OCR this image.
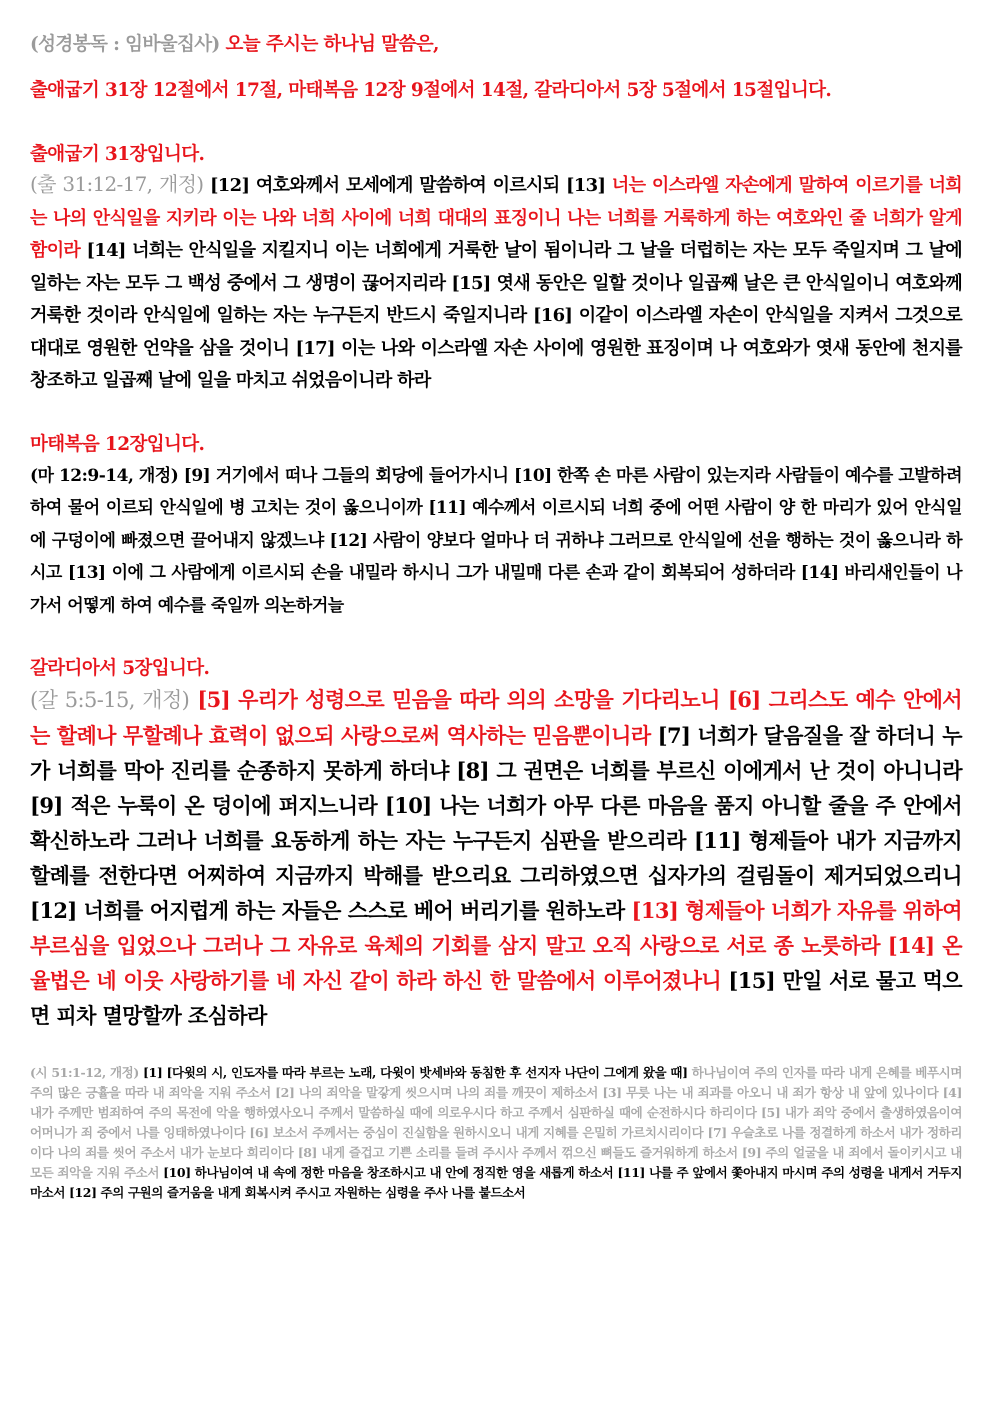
(성경봉독 : 임바울집사) 오늘 주시는 하나님 말씀은,
출애굽기 31장 12절에서 17절, 마태복음 12장 9절에서 14절, 갈라디아서 5장 5절에서 15절입니다.
출애굽기 31장입니다.
(출 31:12-17, 개정) [12] 여호와께서 모세에게 말씀하여 이르시되 [13] 너는 이스라엘 자손에게 말하여 이르기를 너희는 나의 안식일을 지키라 이는 나와 너희 사이에 너희 대대의 표징이니 나는 너희를 거룩하게 하는 여호와인 줄 너희가 알게 함이라 [14] 너희는 안식일을 지킬지니 이는 너희에게 거룩한 날이 됨이니라 그 날을 더럽히는 자는 모두 죽일지며 그 날에 일하는 자는 모두 그 백성 중에서 그 생명이 끊어지리라 [15] 엿새 동안은 일할 것이나 일곱째 날은 큰 안식일이니 여호와께 거룩한 것이라 안식일에 일하는 자는 누구든지 반드시 죽일지니라 [16] 이같이 이스라엘 자손이 안식일을 지켜서 그것으로 대대로 영원한 언약을 삼을 것이니 [17] 이는 나와 이스라엘 자손 사이에 영원한 표징이며 나 여호와가 엿새 동안에 천지를 창조하고 일곱째 날에 일을 마치고 쉬었음이니라 하라
마태복음 12장입니다.
(마 12:9-14, 개정) [9] 거기에서 떠나 그들의 회당에 들어가시니 [10] 한쪽 손 마른 사람이 있는지라 사람들이 예수를 고발하려 하여 물어 이르되 안식일에 병 고치는 것이 옳으니이까 [11] 예수께서 이르시되 너희 중에 어떤 사람이 양 한 마리가 있어 안식일에 구덩이에 빠졌으면 끌어내지 않겠느냐 [12] 사람이 양보다 얼마나 더 귀하냐 그러므로 안식일에 선을 행하는 것이 옳으니라 하시고 [13] 이에 그 사람에게 이르시되 손을 내밀라 하시니 그가 내밀매 다른 손과 같이 회복되어 성하더라 [14] 바리새인들이 나가서 어떻게 하여 예수를 죽일까 의논하거늘
갈라디아서 5장입니다.
(갈 5:5-15, 개정) [5] 우리가 성령으로 믿음을 따라 의의 소망을 기다리노니 [6] 그리스도 예수 안에서는 할례나 무할례나 효력이 없으되 사랑으로써 역사하는 믿음뿐이니라 [7] 너희가 달음질을 잘 하더니 누가 너희를 막아 진리를 순종하지 못하게 하더냐 [8] 그 권면은 너희를 부르신 이에게서 난 것이 아니니라 [9] 적은 누룩이 온 덩이에 퍼지느니라 [10] 나는 너희가 아무 다른 마음을 품지 아니할 줄을 주 안에서 확신하노라 그러나 너희를 요동하게 하는 자는 누구든지 심판을 받으리라 [11] 형제들아 내가 지금까지 할례를 전한다면 어찌하여 지금까지 박해를 받으리요 그리하였으면 십자가의 걸림돌이 제거되었으리니 [12] 너희를 어지럽게 하는 자들은 스스로 베어 버리기를 원하노라 [13] 형제들아 너희가 자유를 위하여 부르심을 입었으나 그러나 그 자유로 육체의 기회를 삼지 말고 오직 사랑으로 서로 종 노릇하라 [14] 온 율법은 네 이웃 사랑하기를 네 자신 같이 하라 하신 한 말씀에서 이루어졌나니 [15] 만일 서로 물고 먹으면 피차 멸망할까 조심하라
(시 51:1-12, 개정) [1] [다윗의 시, 인도자를 따라 부르는 노래, 다윗이 밧세바와 동침한 후 선지자 나단이 그에게 왔을 때] 하나님이여 주의 인자를 따라 내게 은혜를 베푸시며 주의 많은 긍휼을 따라 내 죄악을 지워 주소서 [2] 나의 죄악을 말갛게 씻으시며 나의 죄를 깨끗이 제하소서 [3] 무릇 나는 내 죄과를 아오니 내 죄가 항상 내 앞에 있나이다 [4] 내가 주께만 범죄하여 주의 목전에 악을 행하였사오니 주께서 말씀하실 때에 의로우시다 하고 주께서 심판하실 때에 순전하시다 하리이다 [5] 내가 죄악 중에서 출생하였음이여 어머니가 죄 중에서 나를 잉태하였나이다 [6] 보소서 주께서는 중심이 진실함을 원하시오니 내게 지혜를 은밀히 가르치시리이다 [7] 우슬초로 나를 정결하게 하소서 내가 정하리이다 나의 죄를 씻어 주소서 내가 눈보다 희리이다 [8] 내게 즐겁고 기쁜 소리를 들려 주시사 주께서 꺾으신 뼈들도 즐거워하게 하소서 [9] 주의 얼굴을 내 죄에서 돌이키시고 내 모든 죄악을 지워 주소서 [10] 하나님이여 내 속에 정한 마음을 창조하시고 내 안에 정직한 영을 새롭게 하소서 [11] 나를 주 앞에서 쫓아내지 마시며 주의 성령을 내게서 거두지 마소서 [12] 주의 구원의 즐거움을 내게 회복시켜 주시고 자원하는 심령을 주사 나를 붙드소서
